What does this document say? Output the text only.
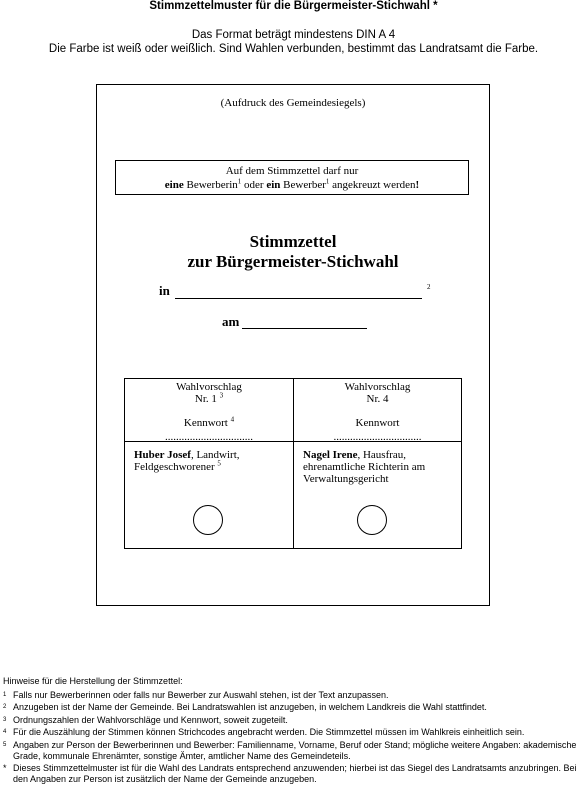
Stimmzettelmuster für die Bürgermeister-Stichwahl *
Das Format beträgt mindestens DIN A 4
Die Farbe ist weiß oder weißlich. Sind Wahlen verbunden, bestimmt das Landratsamt die Farbe.
(Aufdruck des Gemeindesiegels)
Auf dem Stimmzettel darf nur
eine Bewerberin$^1$ oder ein Bewerber$^1$ angekreuzt werden!
Stimmzettel
zur Bürgermeister-Stichwahl
in	2
am
Wahlvorschlag
Nr. 1 $^3$
Kennwort $^4$
................................
Huber Josef, Landwirt,
Feldgeschworener $^5$
Wahlvorschlag
Nr. 4
Kennwort
................................
Nagel Irene, Hausfrau,
ehrenamtliche Richterin am
Verwaltungsgericht
Hinweise für die Herstellung der Stimmzettel:
1 Falls nur Bewerberinnen oder falls nur Bewerber zur Auswahl stehen, ist der Text anzupassen.
2 Anzugeben ist der Name der Gemeinde. Bei Landratswahlen ist anzugeben, in welchem Landkreis die Wahl stattfindet.
3 Ordnungszahlen der Wahlvorschläge und Kennwort, soweit zugeteilt.
4 Für die Auszählung der Stimmen können Strichcodes angebracht werden. Die Stimmzettel müssen im Wahlkreis einheitlich sein.
5 Angaben zur Person der Bewerberinnen und Bewerber: Familienname, Vorname, Beruf oder Stand; mögliche weitere Angaben: akademische Grade, kommunale Ehrenämter, sonstige Ämter, amtlicher Name des Gemeindeteils.
* Dieses Stimmzettelmuster ist für die Wahl des Landrats entsprechend anzuwenden; hierbei ist das Siegel des Landratsamts anzubringen. Bei den Angaben zur Person ist zusätzlich der Name der Gemeinde anzugeben.
